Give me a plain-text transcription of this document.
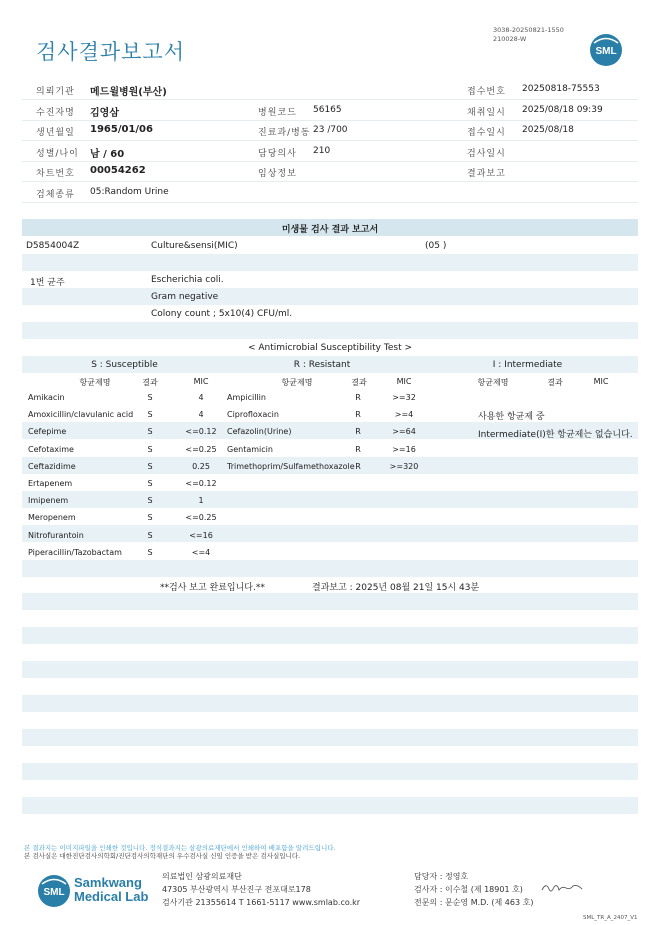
검사결과보고서
3038-20250821-1550
210028-W
SML
의뢰기관 메드윌병원(부산)	접수번호 20250818-75553
수진자명 김영삼	병원코드 56165	채취일시 2025/08/18 09:39
생년월일 1965/01/06	진료과/병동 23 /700	접수일시 2025/08/18
성별/나이 남 / 60	담당의사 210	검사일시
차트번호 00054262	임상정보	결과보고
검체종류 05:Random Urine
미생물 검사 결과 보고서
D5854004Z	Culture&sensi(MIC)	(05 )
1번 균주	Escherichia coli.
Gram negative
Colony count ; 5x10(4) CFU/ml.
< Antimicrobial Susceptibility Test >
S : Susceptible	R : Resistant	I : Intermediate
항균제명	결과	MIC	항균제명	결과	MIC	항균제명	결과	MIC
Amikacin	S	4
Amoxicillin/clavulanic acid	S	4
Cefepime	S	<=0.12
Cefotaxime	S	<=0.25
Ceftazidime	S	0.25
Ertapenem	S	<=0.12
Imipenem	S	1
Meropenem	S	<=0.25
Nitrofurantoin	S	<=16
Piperacillin/Tazobactam	S	<=4
Ampicillin	R	>=32
Ciprofloxacin	R	>=4
Cefazolin(Urine)	R	>=64
Gentamicin	R	>=16
Trimethoprim/Sulfamethoxazole R	>=320
사용한 항균제 중
Intermediate(I)한 항균제는 없습니다.
**검사 보고 완료입니다.**	결과보고 : 2025년 08월 21일 15시 43분
본 결과지는 이미지파일을 인쇄한 것입니다. 정식결과지는 삼광의료재단에서 인쇄하여 배포함을 알려드립니다.
본 검사실은 대한진단검사의학회/진단검사의학재단의 우수검사실 신임 인증을 받은 검사실입니다.
SML
Samkwang
Medical Lab
의료법인 삼광의료재단
47305 부산광역시 부산진구 전포대로178
검사기관 21355614 T 1661-5117 www.smlab.co.kr
담당자 : 정영호
검사자 : 이수철 (제 18901 호)
전문의 : 문순영 M.D. (제 463 호)
SML_TR_A_2407_V1
